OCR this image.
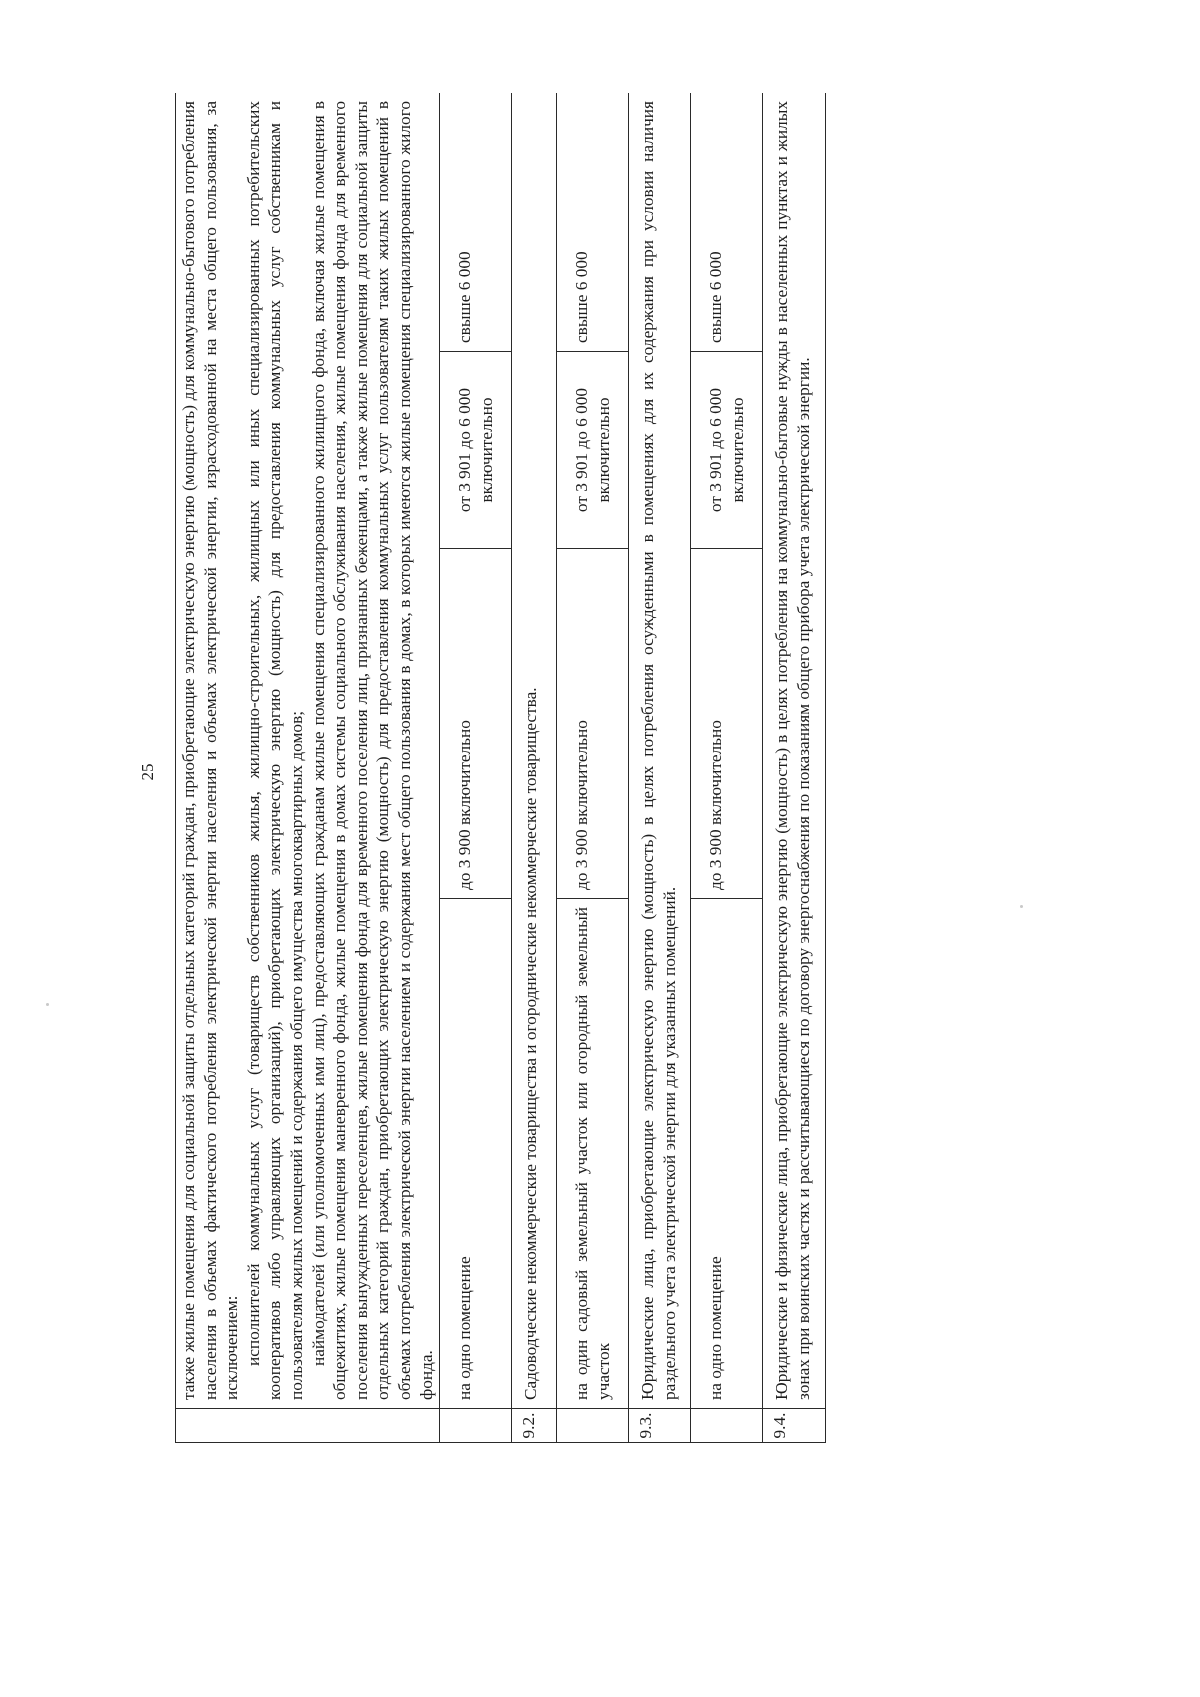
25

	также жилые помещения для социальной защиты отдельных категорий граждан, приобретающие электрическую энергию (мощность) для коммунально-бытового потребления населения в объемах фактического потребления электрической энергии населения и объемах электрической энергии, израсходованной на места общего пользования, за исключением: исполнителей коммунальных услуг (товариществ собственников жилья, жилищно-строительных, жилищных или иных специализированных потребительских кооперативов либо управляющих организаций), приобретающих электрическую энергию (мощность) для предоставления коммунальных услуг собственникам и пользователям жилых помещений и содержания общего имущества многоквартирных домов; наймодателей (или уполномоченных ими лиц), предоставляющих гражданам жилые помещения специализированного жилищного фонда, включая жилые помещения в общежитиях, жилые помещения маневренного фонда, жилые помещения в домах системы социального обслуживания населения, жилые помещения фонда для временного поселения вынужденных переселенцев, жилые помещения фонда для временного поселения лиц, признанных беженцами, а также жилые помещения для социальной защиты отдельных категорий граждан, приобретающих электрическую энергию (мощность) для предоставления коммунальных услуг пользователям таких жилых помещений в объемах потребления электрической энергии населением и содержания мест общего пользования в домах, в которых имеются жилые помещения специализированного жилого фонда.			

	на одно помещение	до 3 900 включительно	от 3 901 до 6 000 включительно	свыше 6 000
9.2.	Садоводческие некоммерческие товарищества и огороднические некоммерческие товарищества.			
	на один садовый земельный участок или огородный земельный участок	до 3 900 включительно	от 3 901 до 6 000 включительно	свыше 6 000
9.3.	Юридические лица, приобретающие электрическую энергию (мощность) в целях потребления осужденными в помещениях для их содержания при условии наличия раздельного учета электрической энергии для указанных помещений.			
	на одно помещение	до 3 900 включительно	от 3 901 до 6 000 включительно	свыше 6 000
9.4.	Юридические и физические лица, приобретающие электрическую энергию (мощность) в целях потребления на коммунально-бытовые нужды в населенных пунктах и жилых зонах при воинских частях и рассчитывающиеся по договору энергоснабжения по показаниям общего прибора учета электрической энергии.			
